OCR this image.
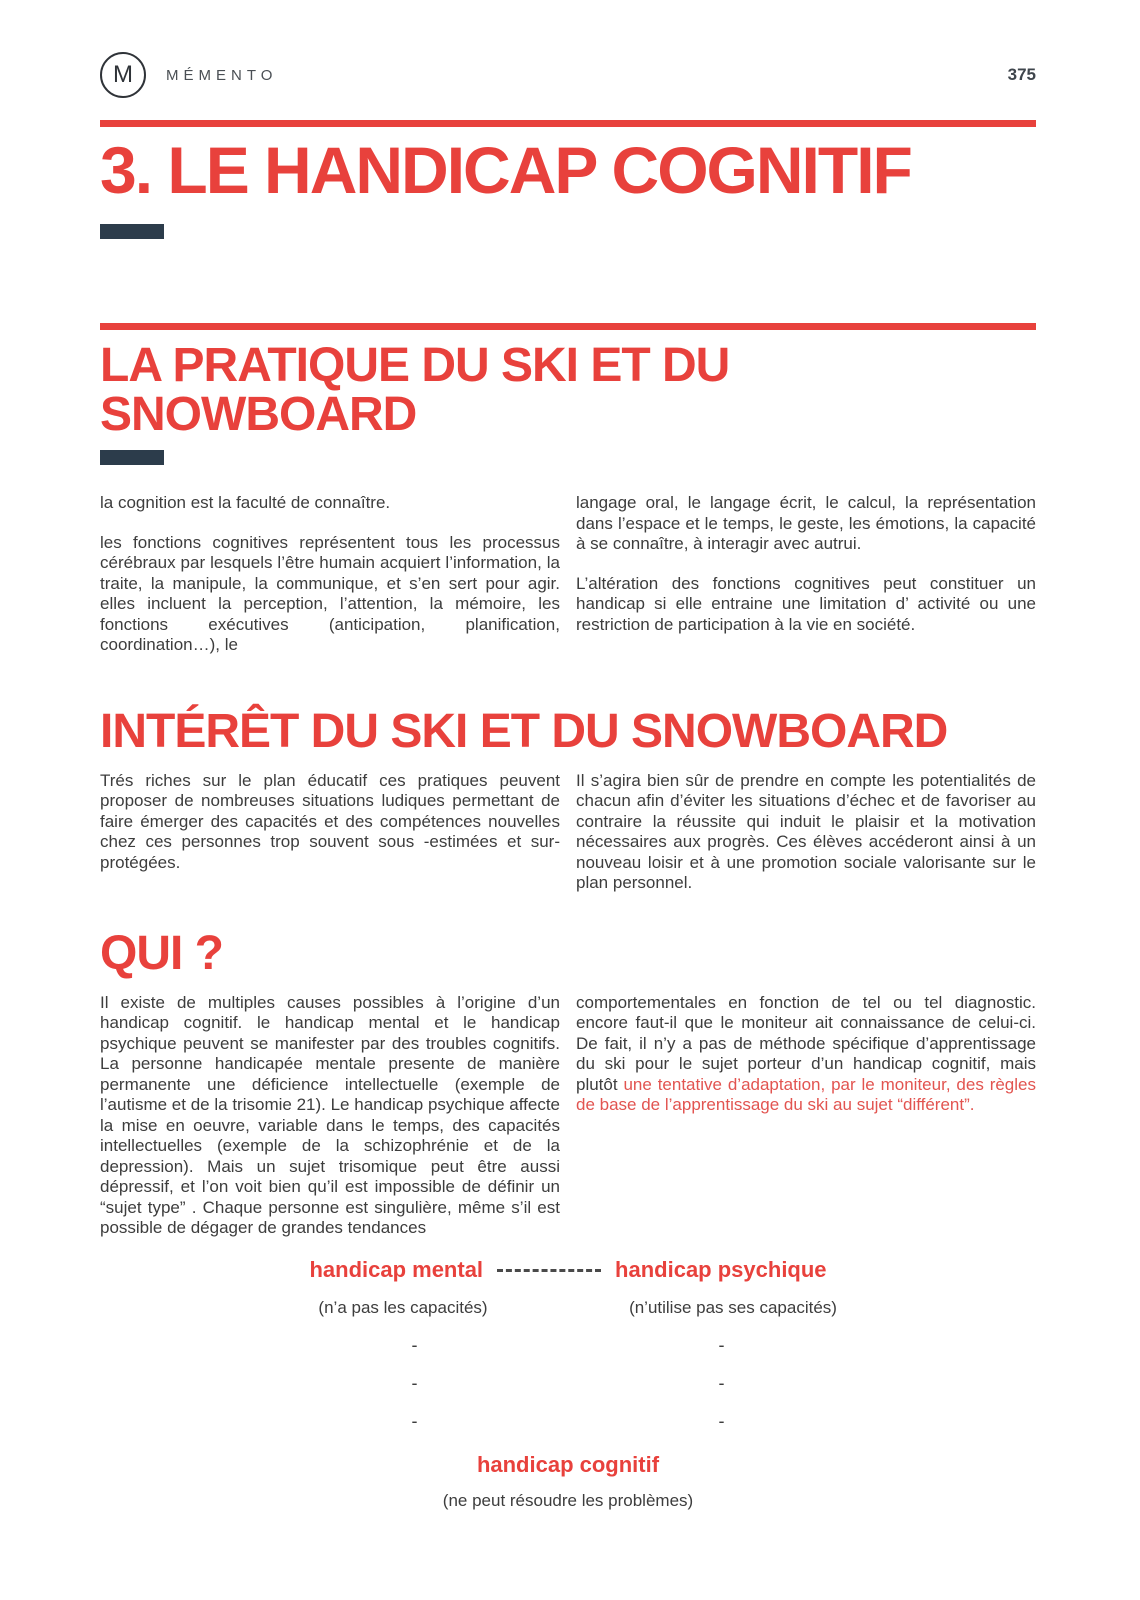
M MÉMENTO	375
3. LE HANDICAP COGNITIF
LA PRATIQUE DU SKI ET DU SNOWBOARD

la cognition est la faculté de connaître.

les fonctions cognitives représentent tous les processus cérébraux par lesquels l’être humain acquiert l’information, la traite, la manipule, la communique, et s’en sert pour agir. elles incluent la perception, l’attention, la mémoire, les fonctions exécutives (anticipation, planification, coordination…), le

langage oral, le langage écrit, le calcul, la représentation dans l’espace et le temps, le geste, les émotions, la capacité à se connaître, à interagir avec autrui.

L’altération des fonctions cognitives peut constituer un handicap si elle entraine une limitation d’ activité ou une restriction de participation à la vie en société.

INTÉRÊT DU SKI ET DU SNOWBOARD

Trés riches sur le plan éducatif ces pratiques peuvent proposer de nombreuses situations ludiques permettant de faire émerger des capacités et des compétences nouvelles chez ces personnes trop souvent sous -estimées et sur-protégées.

Il s’agira bien sûr de prendre en compte les potentialités de chacun afin d’éviter les situations d’échec et de favoriser au contraire la réussite qui induit le plaisir et la motivation nécessaires aux progrès. Ces élèves accéderont ainsi à un nouveau loisir et à une promotion sociale valorisante sur le plan personnel.

QUI ?

Il existe de multiples causes possibles à l’origine d’un handicap cognitif. le handicap mental et le handicap psychique peuvent se manifester par des troubles cognitifs. La personne handicapée mentale presente de manière permanente une déficience intellectuelle (exemple de l’autisme et de la trisomie 21). Le handicap psychique affecte la mise en oeuvre, variable dans le temps, des capacités intellectuelles (exemple de la schizophrénie et de la depression). Mais un sujet trisomique peut être aussi dépressif, et l’on voit bien qu’il est impossible de définir un “sujet type” . Chaque personne est singulière, même s’il est possible de dégager de grandes tendances

comportementales en fonction de tel ou tel diagnostic. encore faut-il que le moniteur ait connaissance de celui-ci. De fait, il n’y a pas de méthode spécifique d’apprentissage du ski pour le sujet porteur d’un handicap cognitif, mais plutôt une tentative d’adaptation, par le moniteur, des règles de base de l’apprentissage du ski au sujet “différent”.

handicap mental	handicap psychique
(n’a pas les capacités)	(n’utilise pas ses capacités)
-	-
-	-
-	-
handicap cognitif
(ne peut résoudre les problèmes)
